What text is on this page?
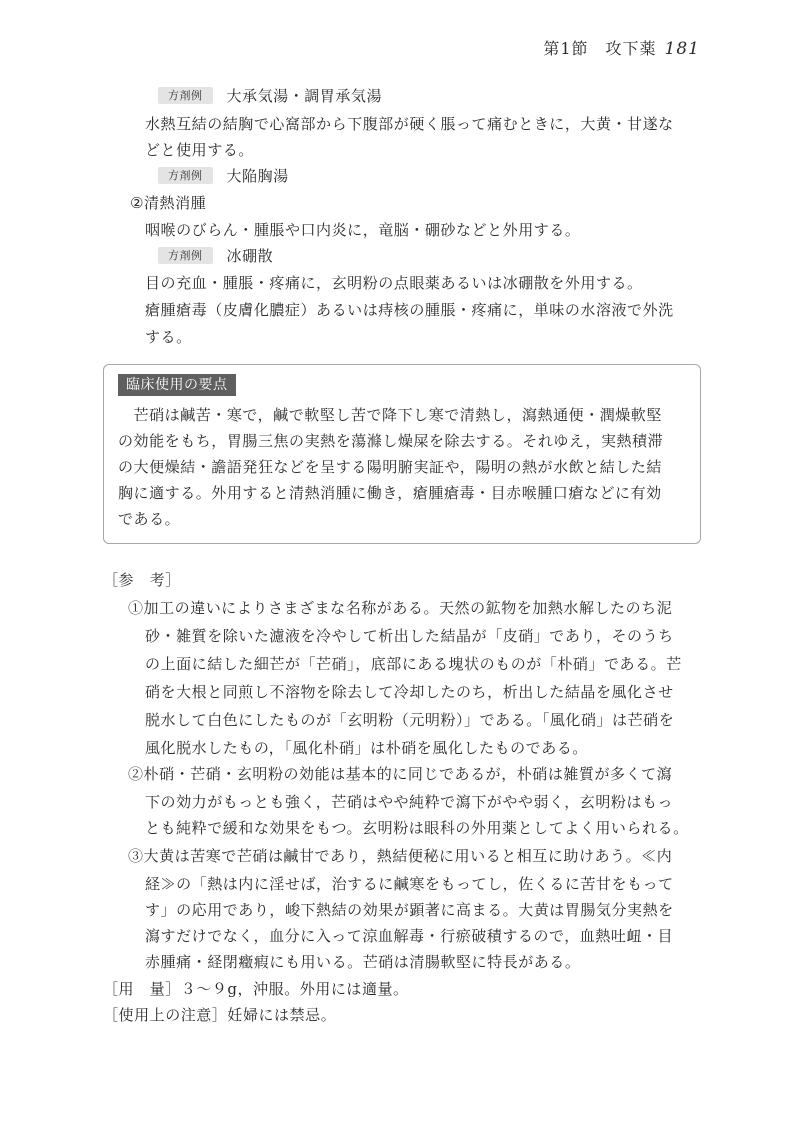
第1節　攻下薬 181
方剤例 大承気湯・調胃承気湯
水熱互結の結胸で心窩部から下腹部が硬く脹って痛むときに，大黄・甘遂な
どと使用する。
方剤例 大陥胸湯
②清熱消腫
咽喉のびらん・腫脹や口内炎に，竜脳・硼砂などと外用する。
方剤例 冰硼散
目の充血・腫脹・疼痛に，玄明粉の点眼薬あるいは冰硼散を外用する。
瘡腫瘡毒（皮膚化膿症）あるいは痔核の腫脹・疼痛に，単味の水溶液で外洗
する。
臨床使用の要点
　芒硝は鹹苦・寒で，鹹で軟堅し苦で降下し寒で清熱し，瀉熱通便・潤燥軟堅
の効能をもち，胃腸三焦の実熱を蕩滌し燥屎を除去する。それゆえ，実熱積滞
の大便燥結・譫語発狂などを呈する陽明腑実証や，陽明の熱が水飲と結した結
胸に適する。外用すると清熱消腫に働き，瘡腫瘡毒・目赤喉腫口瘡などに有効
である。
［参　考］
①加工の違いによりさまざまな名称がある。天然の鉱物を加熱水解したのち泥
砂・雑質を除いた濾液を冷やして析出した結晶が「皮硝」であり，そのうち
の上面に結した細芒が「芒硝」，底部にある塊状のものが「朴硝」である。芒
硝を大根と同煎し不溶物を除去して冷却したのち，析出した結晶を風化させ
脱水して白色にしたものが「玄明粉（元明粉）」である。「風化硝」は芒硝を
風化脱水したもの，「風化朴硝」は朴硝を風化したものである。
②朴硝・芒硝・玄明粉の効能は基本的に同じであるが，朴硝は雑質が多くて瀉
下の効力がもっとも強く，芒硝はやや純粋で瀉下がやや弱く，玄明粉はもっ
とも純粋で緩和な効果をもつ。玄明粉は眼科の外用薬としてよく用いられる。
③大黄は苦寒で芒硝は鹹甘であり，熱結便秘に用いると相互に助けあう。≪内
経≫の「熱は内に淫せば，治するに鹹寒をもってし，佐くるに苦甘をもって
す」の応用であり，峻下熱結の効果が顕著に高まる。大黄は胃腸気分実熱を
瀉すだけでなく，血分に入って涼血解毒・行瘀破積するので，血熱吐衄・目
赤腫痛・経閉癥瘕にも用いる。芒硝は清腸軟堅に特長がある。
［用　量］３～９g，沖服。外用には適量。
［使用上の注意］妊婦には禁忌。
